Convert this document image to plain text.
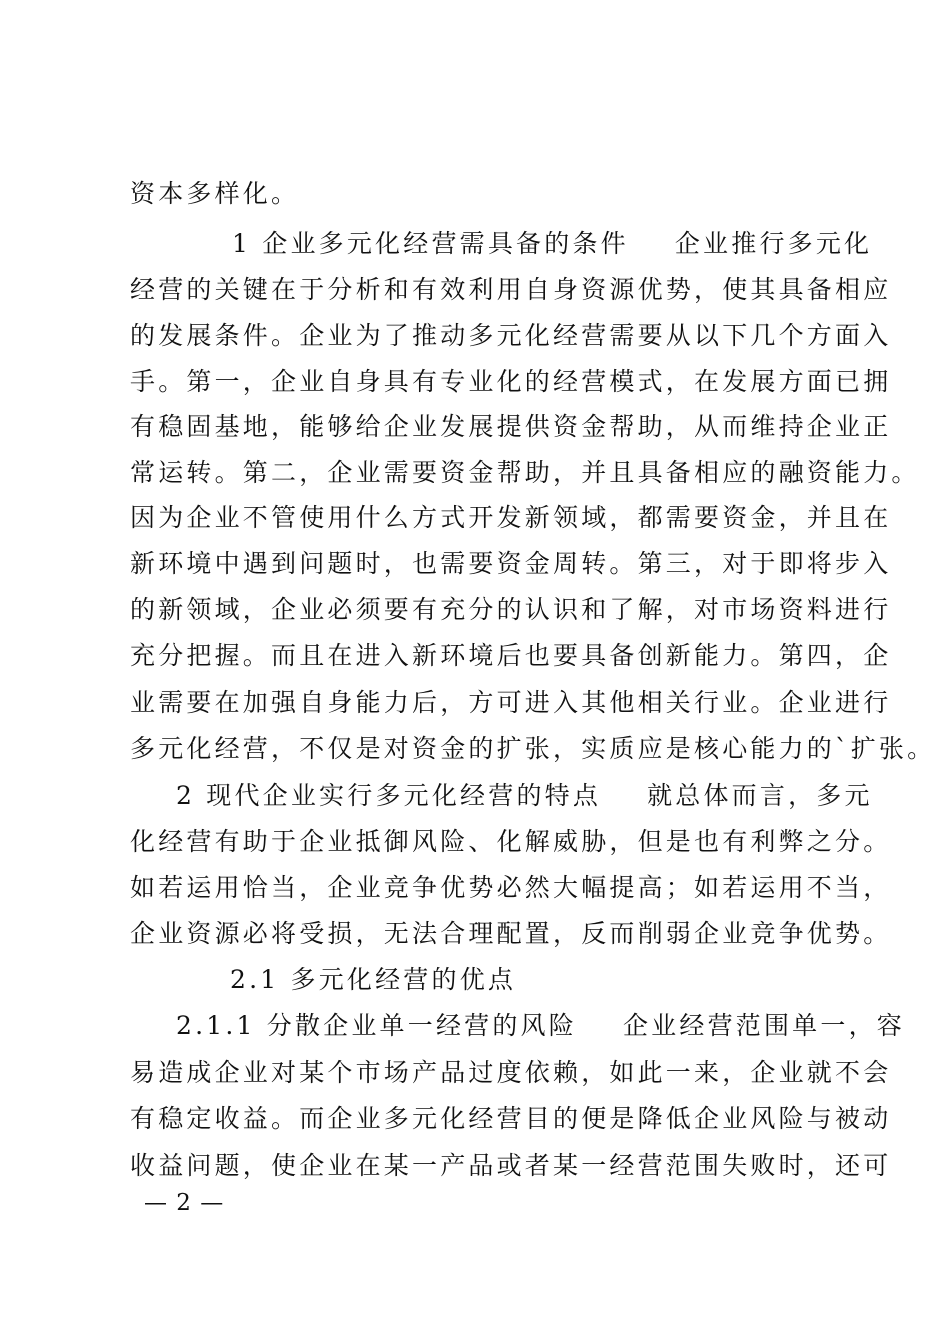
资本多样化。
1 企业多元化经营需具备的条件 企业推行多元化
经营的关键在于分析和有效利用自身资源优势，使其具备相应
的发展条件。企业为了推动多元化经营需要从以下几个方面入
手。第一，企业自身具有专业化的经营模式，在发展方面已拥
有稳固基地，能够给企业发展提供资金帮助，从而维持企业正
常运转。第二，企业需要资金帮助，并且具备相应的融资能力。
因为企业不管使用什么方式开发新领域，都需要资金，并且在
新环境中遇到问题时，也需要资金周转。第三，对于即将步入
的新领域，企业必须要有充分的认识和了解，对市场资料进行
充分把握。而且在进入新环境后也要具备创新能力。第四，企
业需要在加强自身能力后，方可进入其他相关行业。企业进行
多元化经营，不仅是对资金的扩张，实质应是核心能力的`扩张。
2 现代企业实行多元化经营的特点 就总体而言，多元
化经营有助于企业抵御风险、化解威胁，但是也有利弊之分。
如若运用恰当，企业竞争优势必然大幅提高；如若运用不当，
企业资源必将受损，无法合理配置，反而削弱企业竞争优势。
2.1 多元化经营的优点
2.1.1 分散企业单一经营的风险 企业经营范围单一，容
易造成企业对某个市场产品过度依赖，如此一来，企业就不会
有稳定收益。而企业多元化经营目的便是降低企业风险与被动
收益问题，使企业在某一产品或者某一经营范围失败时，还可
— 2 —
